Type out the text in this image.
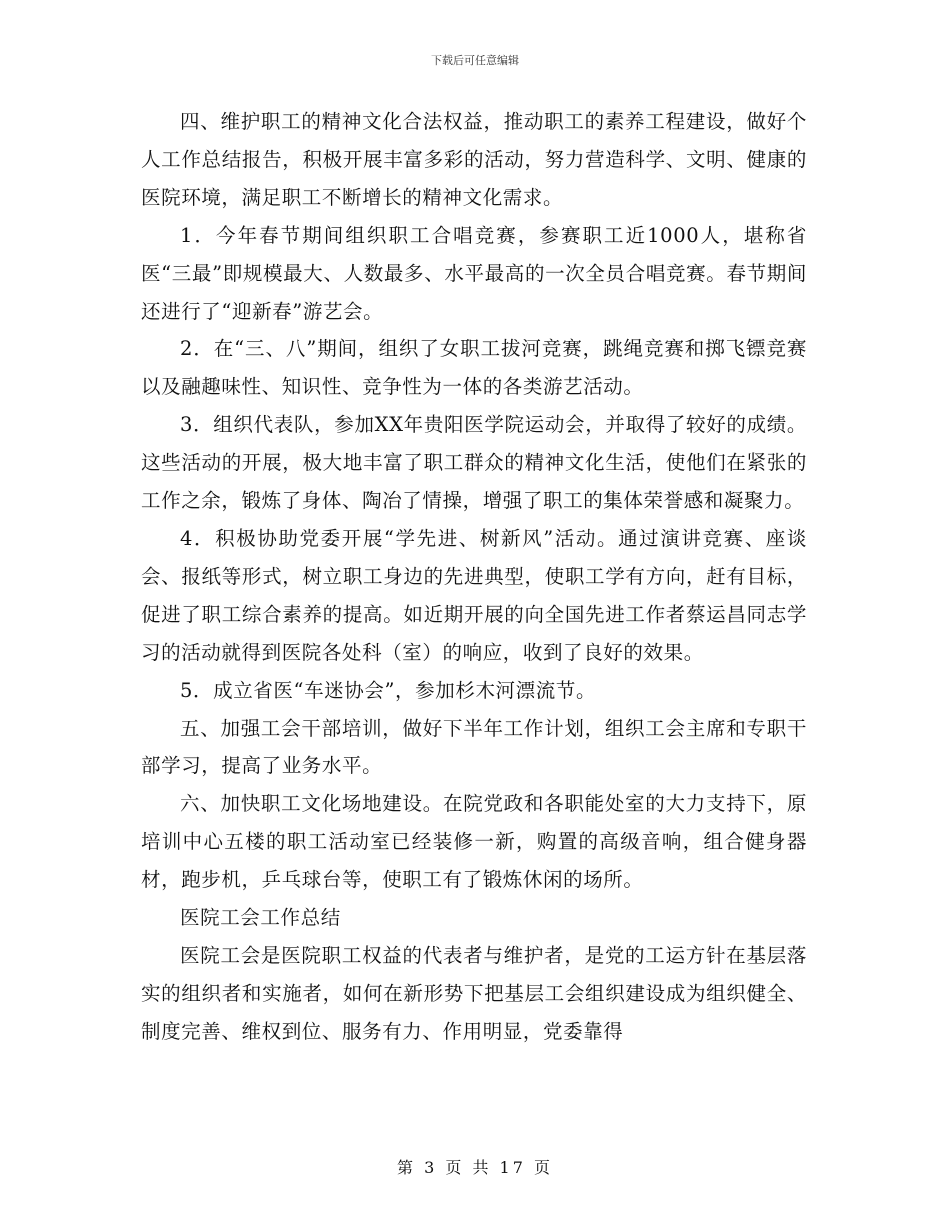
下载后可任意编辑

四、维护职工的精神文化合法权益，推动职工的素养工程建设，做好个人工作总结报告，积极开展丰富多彩的活动，努力营造科学、文明、健康的医院环境，满足职工不断增长的精神文化需求。

1．今年春节期间组织职工合唱竞赛，参赛职工近1000人，堪称省医“三最”即规模最大、人数最多、水平最高的一次全员合唱竞赛。春节期间还进行了“迎新春”游艺会。

2．在“三、八”期间，组织了女职工拔河竞赛，跳绳竞赛和掷飞镖竞赛以及融趣味性、知识性、竞争性为一体的各类游艺活动。

3．组织代表队，参加XX年贵阳医学院运动会，并取得了较好的成绩。这些活动的开展，极大地丰富了职工群众的精神文化生活，使他们在紧张的工作之余，锻炼了身体、陶冶了情操，增强了职工的集体荣誉感和凝聚力。

4．积极协助党委开展“学先进、树新风”活动。通过演讲竞赛、座谈会、报纸等形式，树立职工身边的先进典型，使职工学有方向，赶有目标，促进了职工综合素养的提高。如近期开展的向全国先进工作者蔡运昌同志学习的活动就得到医院各处科（室）的响应，收到了良好的效果。

5．成立省医“车迷协会”，参加杉木河漂流节。

五、加强工会干部培训，做好下半年工作计划，组织工会主席和专职干部学习，提高了业务水平。

六、加快职工文化场地建设。在院党政和各职能处室的大力支持下，原培训中心五楼的职工活动室已经装修一新，购置的高级音响，组合健身器材，跑步机，乒乓球台等，使职工有了锻炼休闲的场所。

医院工会工作总结

医院工会是医院职工权益的代表者与维护者，是党的工运方针在基层落实的组织者和实施者，如何在新形势下把基层工会组织建设成为组织健全、制度完善、维权到位、服务有力、作用明显，党委靠得

第 3 页 共 17 页
